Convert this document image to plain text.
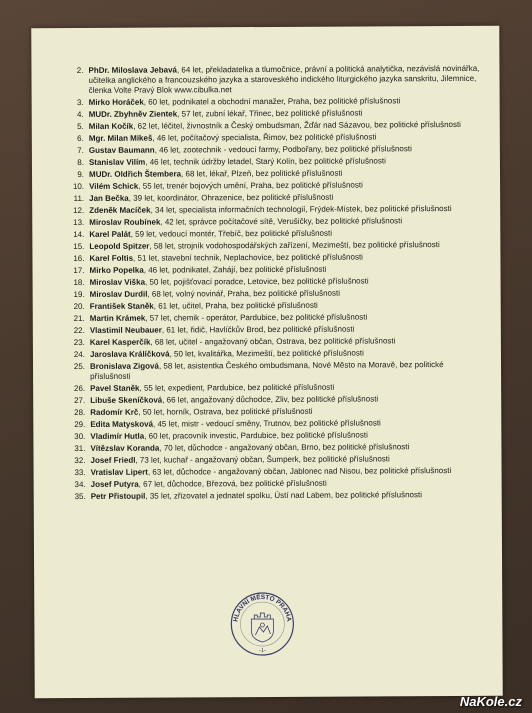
2. PhDr. Miloslava Jebavá, 64 let, překladatelka a tlumočnice, právní a politická analytička, nezávislá novinářka, učitelka anglického a francouzského jazyka a staroveského indického liturgického jazyka sanskritu, Jilemnice, členka Volte Pravý Blok www.cibulka.net
3. Mirko Horáček, 60 let, podnikatel a obchodní manažer, Praha, bez politické příslušnosti
4. MUDr. Zbyhněv Zientek, 57 let, zubní lékař, Třinec, bez politické příslušnosti
5. Milan Kočík, 62 let, léčitel, živnostník a Český ombudsman, Žďár nad Sázavou, bez politické příslušnosti
6. Mgr. Milan Mikeš, 46 let, počítačový specialista, Řimov, bez politické příslušnosti
7. Gustav Baumann, 46 let, zootechnik - vedoucí farmy, Podbořany, bez politické příslušnosti
8. Stanislav Vilím, 46 let, technik údržby letadel, Starý Kolín, bez politické příslušnosti
9. MUDr. Oldřich Štembera, 68 let, lékař, Plzeň, bez politické příslušnosti
10. Vilém Schick, 55 let, trenér bojových umění, Praha, bez politické příslušnosti
11. Jan Bečka, 39 let, koordinátor, Ohrazenice, bez politické příslušnosti
12. Zdeněk Macíček, 34 let, specialista informačních technologií, Frýdek-Místek, bez politické příslušnosti
13. Miroslav Roubínek, 42 let, správce počítačové sítě, Verušičky, bez politické příslušnosti
14. Karel Palát, 59 let, vedoucí montér, Třebíč, bez politické příslušnosti
15. Leopold Spitzer, 58 let, strojník vodohospodářských zařízení, Mezimeští, bez politické příslušnosti
16. Karel Foltis, 51 let, stavební technik, Neplachovice, bez politické příslušnosti
17. Mirko Popelka, 46 let, podnikatel, Zahájí, bez politické příslušnosti
18. Miroslav Viška, 50 let, pojišťovací poradce, Letovice, bez politické příslušnosti
19. Miroslav Durdil, 68 let, volný novinář, Praha, bez politické příslušnosti
20. František Staněk, 61 let, učitel, Praha, bez politické příslušnosti
21. Martin Krámek, 57 let, chemik - operátor, Pardubice, bez politické příslušnosti
22. Vlastimil Neubauer, 61 let, řidič, Havlíčkův Brod, bez politické příslušnosti
23. Karel Kasperčík, 68 let, učitel - angažovaný občan, Ostrava, bez politické příslušnosti
24. Jaroslava Králíčková, 50 let, kvalitářka, Mezimeští, bez politické příslušnosti
25. Bronislava Zigová, 58 let, asistentka Českého ombudsmana, Nové Město na Moravě, bez politické příslušnosti
26. Pavel Staněk, 55 let, expedient, Pardubice, bez politické příslušnosti
27. Libuše Skeníčková, 66 let, angažovaný důchodce, Zliv, bez politické příslušnosti
28. Radomír Krč, 50 let, horník, Ostrava, bez politické příslušnosti
29. Edita Matysková, 45 let, mistr - vedoucí směny, Trutnov, bez politické příslušnosti
30. Vladimír Hutla, 60 let, pracovník investic, Pardubice, bez politické příslušnosti
31. Vítězslav Koranda, 70 let, důchodce - angažovaný občan, Brno, bez politické příslušnosti
32. Josef Friedl, 73 let, kuchař - angažovaný občan, Šumperk, bez politické příslušnosti
33. Vratislav Lipert, 63 let, důchodce - angažovaný občan, Jablonec nad Nisou, bez politické příslušnosti
34. Josef Putyra, 67 let, důchodce, Březová, bez politické příslušnosti
35. Petr Přistoupil, 35 let, zřizovatel a jednatel spolku, Ústí nad Labem, bez politické příslušnosti
HLAVNÍ MĚSTO PRAHA
-1-
NaKole.cz
